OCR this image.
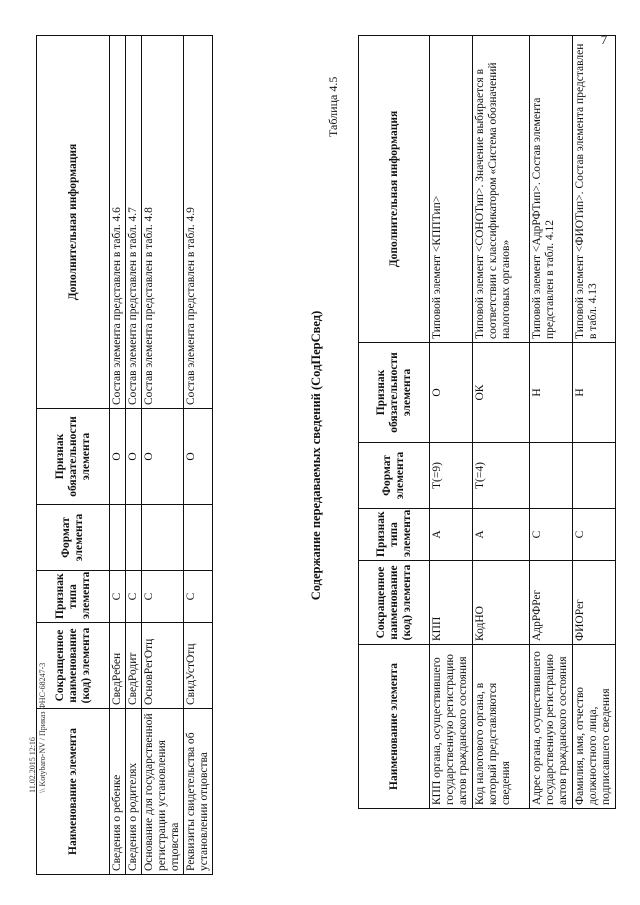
7
Наименование элемента	Сокращенное наименование (код) элемента	Признак типа элемента	Формат элемента	Признак обязательности элемента	Дополнительная информация
КПП органа, осуществившего государственную регистрацию актов гражданского состояния	КПП	А	T(=9)	О	Типовой элемент <КППТип>
Код налогового органа, в который представляются сведения	КодНО	А	T(=4)	ОК	Типовой элемент <СОНОТип>. Значение выбирается в соответствии с классификатором «Система обозначений налоговых органов»
Адрес органа, осуществившего государственную регистрацию актов гражданского состояния	АдрРФРег	С		Н	Типовой элемент <АдрРФТип>. Состав элемента представлен в табл. 4.12
Фамилия, имя, отчество должностного лица, подписавшего сведения	ФИОРег	С		Н	Типовой элемент <ФИОТип>. Состав элемента представлен в табл. 4.13
Таблица 4.5
Содержание передаваемых сведений (СодПерСвед)
Наименование элемента	Сокращенное наименование (код) элемента	Признак типа элемента	Формат элемента	Признак обязательности элемента	Дополнительная информация
Сведения о ребенке	СведРебен	С		О	Состав элемента представлен в табл. 4.6
Сведения о родителях	СведРодит	С		О	Состав элемента представлен в табл. 4.7
Основание для государственной регистрации установления отцовства	ОсновРегОтц	С		О	Состав элемента представлен в табл. 4.8
Реквизиты свидетельства об установлении отцовства	СвидУстОтц	С		О	Состав элемента представлен в табл. 4.9
11.02.2015 12:16 \\ Kotybaro-NV / Приказ ФНС-68247-3
